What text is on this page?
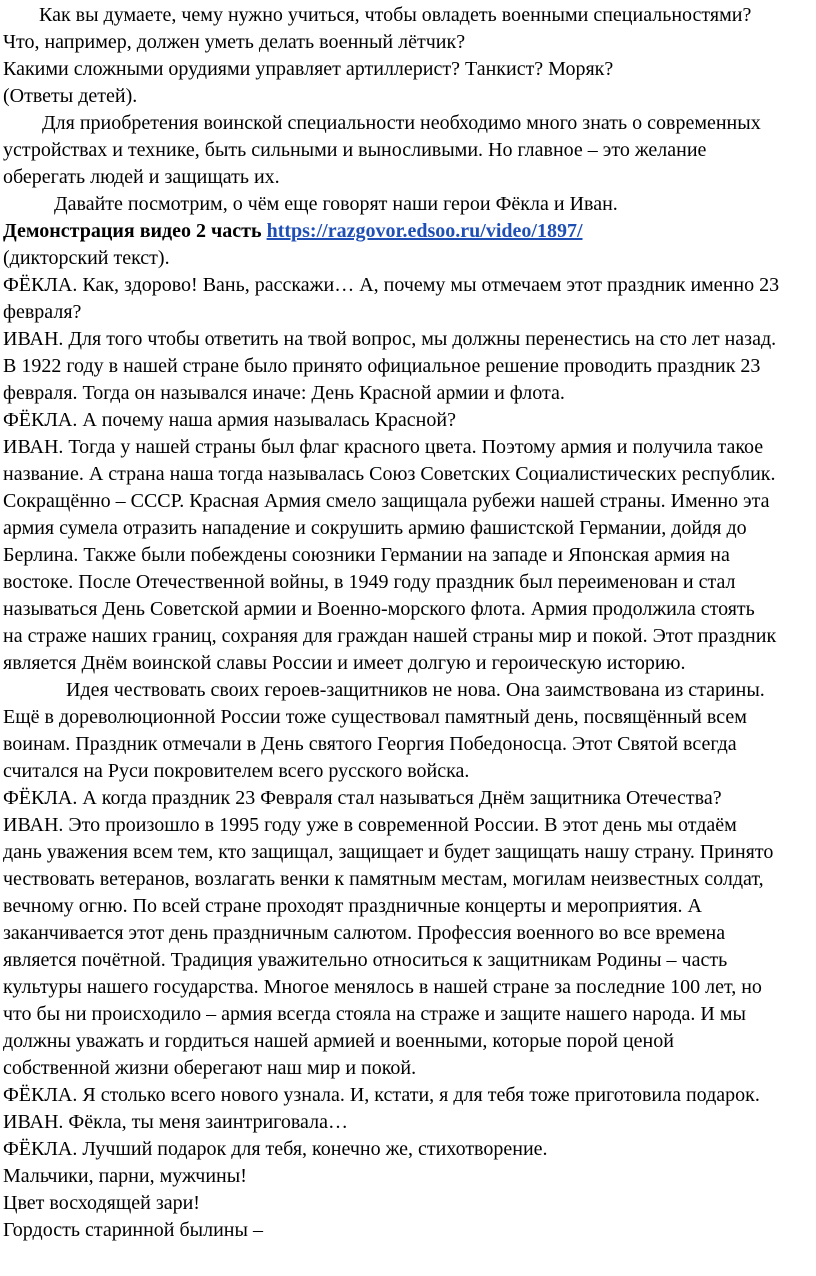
Как вы думаете, чему нужно учиться, чтобы овладеть военными специальностями?

Что, например, должен уметь делать военный лётчик?

Какими сложными орудиями управляет артиллерист? Танкист? Моряк?

(Ответы детей).

Для приобретения воинской специальности необходимо много знать о современных

устройствах и технике, быть сильными и выносливыми. Но главное – это желание

оберегать людей и защищать их.

Давайте посмотрим, о чём еще говорят наши герои Фёкла и Иван.

Демонстрация видео 2 часть https://razgovor.edsoo.ru/video/1897/

(дикторский текст).

ФЁКЛА. Как, здорово! Вань, расскажи… А, почему мы отмечаем этот праздник именно 23

февраля?

ИВАН. Для того чтобы ответить на твой вопрос, мы должны перенестись на сто лет назад.

В 1922 году в нашей стране было принято официальное решение проводить праздник 23

февраля. Тогда он назывался иначе: День Красной армии и флота.

ФЁКЛА. А почему наша армия называлась Красной?

ИВАН. Тогда у нашей страны был флаг красного цвета. Поэтому армия и получила такое

название. А страна наша тогда называлась Союз Советских Социалистических республик.

Сокращённо – СССР. Красная Армия смело защищала рубежи нашей страны. Именно эта

армия сумела отразить нападение и сокрушить армию фашистской Германии, дойдя до

Берлина. Также были побеждены союзники Германии на западе и Японская армия на

востоке. После Отечественной войны, в 1949 году праздник был переименован и стал

называться День Советской армии и Военно-морского флота. Армия продолжила стоять

на страже наших границ, сохраняя для граждан нашей страны мир и покой. Этот праздник

является Днём воинской славы России и имеет долгую и героическую историю.

Идея чествовать своих героев-защитников не нова. Она заимствована из старины.

Ещё в дореволюционной России тоже существовал памятный день, посвящённый всем

воинам. Праздник отмечали в День святого Георгия Победоносца. Этот Святой всегда

считался на Руси покровителем всего русского войска.

ФЁКЛА. А когда праздник 23 Февраля стал называться Днём защитника Отечества?

ИВАН. Это произошло в 1995 году уже в современной России. В этот день мы отдаём

дань уважения всем тем, кто защищал, защищает и будет защищать нашу страну. Принято

чествовать ветеранов, возлагать венки к памятным местам, могилам неизвестных солдат,

вечному огню. По всей стране проходят праздничные концерты и мероприятия. А

заканчивается этот день праздничным салютом. Профессия военного во все времена

является почётной. Традиция уважительно относиться к защитникам Родины – часть

культуры нашего государства. Многое менялось в нашей стране за последние 100 лет, но

что бы ни происходило – армия всегда стояла на страже и защите нашего народа. И мы

должны уважать и гордиться нашей армией и военными, которые порой ценой

собственной жизни оберегают наш мир и покой.

ФЁКЛА. Я столько всего нового узнала. И, кстати, я для тебя тоже приготовила подарок.

ИВАН. Фёкла, ты меня заинтриговала…

ФЁКЛА. Лучший подарок для тебя, конечно же, стихотворение.

Мальчики, парни, мужчины!

Цвет восходящей зари!

Гордость старинной былины –
